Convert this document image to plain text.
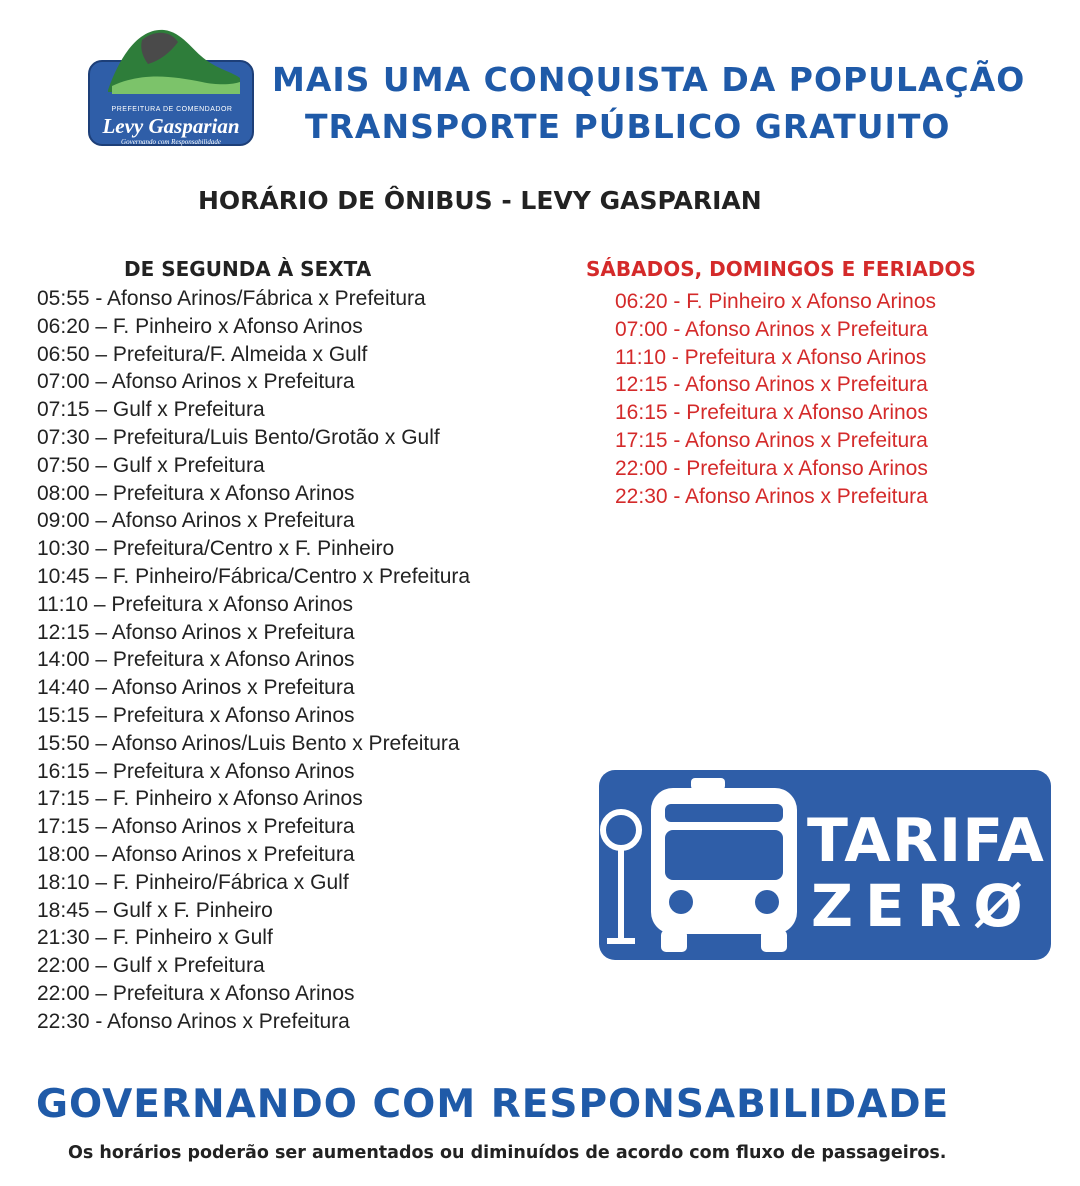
PREFEITURA DE COMENDADOR
Levy Gasparian
Governando com Responsabilidade
MAIS UMA CONQUISTA DA POPULAÇÃO
TRANSPORTE PÚBLICO GRATUITO
HORÁRIO DE ÔNIBUS - LEVY GASPARIAN
DE SEGUNDA À SEXTA
05:55 - Afonso Arinos/Fábrica x Prefeitura
06:20 – F. Pinheiro x Afonso Arinos
06:50 – Prefeitura/F. Almeida x Gulf
07:00 – Afonso Arinos x Prefeitura
07:15 – Gulf x Prefeitura
07:30 – Prefeitura/Luis Bento/Grotão x Gulf
07:50 – Gulf x Prefeitura
08:00 – Prefeitura x Afonso Arinos
09:00 – Afonso Arinos x Prefeitura
10:30 – Prefeitura/Centro x F. Pinheiro
10:45 – F. Pinheiro/Fábrica/Centro x Prefeitura
11:10 – Prefeitura x Afonso Arinos
12:15 – Afonso Arinos x Prefeitura
14:00 – Prefeitura x Afonso Arinos
14:40 – Afonso Arinos x Prefeitura
15:15 – Prefeitura x Afonso Arinos
15:50 – Afonso Arinos/Luis Bento x Prefeitura
16:15 – Prefeitura x Afonso Arinos
17:15 – F. Pinheiro x Afonso Arinos
17:15 – Afonso Arinos x Prefeitura
18:00 – Afonso Arinos x Prefeitura
18:10 – F. Pinheiro/Fábrica x Gulf
18:45 – Gulf x F. Pinheiro
21:30 – F. Pinheiro x Gulf
22:00 – Gulf x Prefeitura
22:00 – Prefeitura x Afonso Arinos
22:30 - Afonso Arinos x Prefeitura
SÁBADOS, DOMINGOS E FERIADOS
06:20 - F. Pinheiro x Afonso Arinos
07:00 - Afonso Arinos x Prefeitura
11:10 - Prefeitura x Afonso Arinos
12:15 - Afonso Arinos x Prefeitura
16:15 - Prefeitura x Afonso Arinos
17:15 - Afonso Arinos x Prefeitura
22:00 - Prefeitura x Afonso Arinos
22:30 - Afonso Arinos x Prefeitura
TARIFA
ZERØ
GOVERNANDO COM RESPONSABILIDADE
Os horários poderão ser aumentados ou diminuídos de acordo com fluxo de passageiros.
